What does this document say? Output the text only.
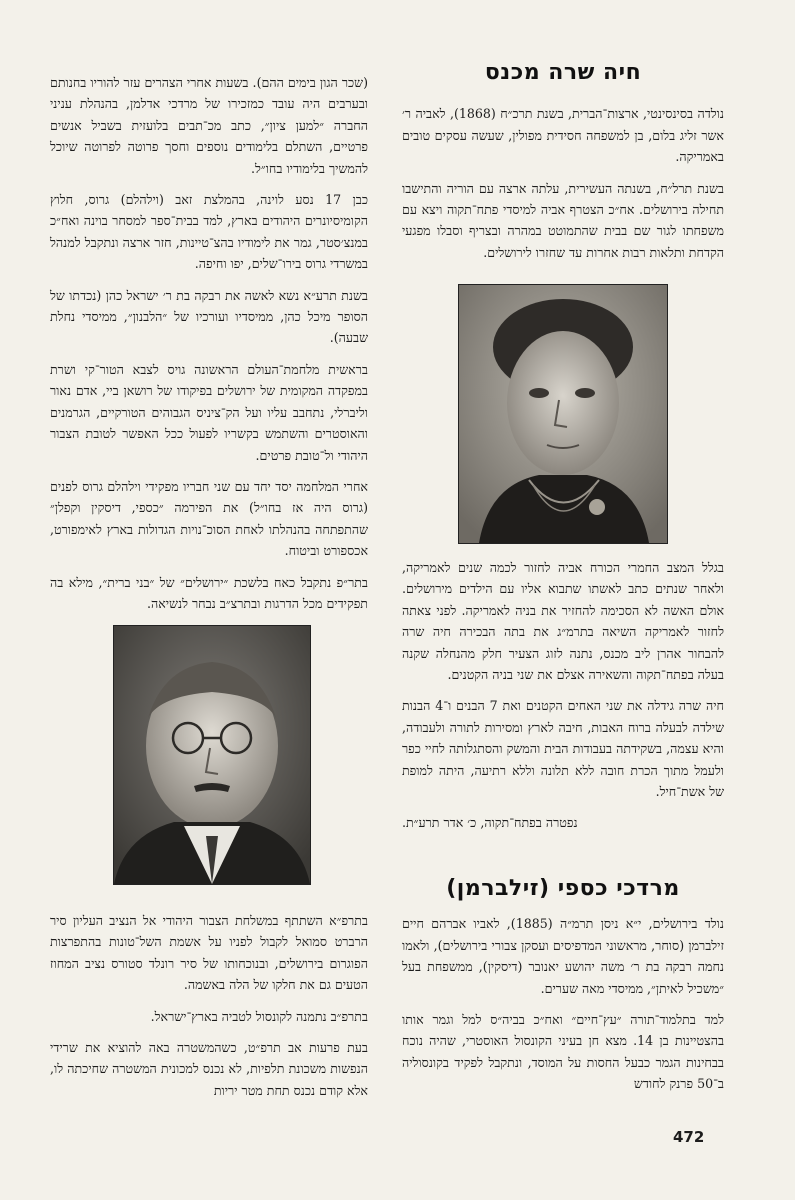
חיה שרה מכנס

נולדה בסינסינטי, ארצות־הברית, בשנת תרכ״ח (1868), לאביה ר׳ אשר זליג בלום, בן למשפחה חסידית מפולין, שעשה עסקים טובים באמריקה.

בשנת תרל״ח, בשנתה העשירית, עלתה ארצה עם הוריה והתישבו תחילה בירושלים. אח״כ הצטרף אביה למיסדי פתח־תקוה ויצא עם משפחתו לגור שם בבית שהתמוטט במהרה ובצריף וסבלו מפגעי הקדחת ותלאות רבות אחרות עד שחזרו לירושלים.

בגלל המצב החמרי הכורח אביה לחזור לכמה שנים לאמריקה, ולאחר שנתים כתב לאשתו שתבוא אליו עם הילדים מירושלים. אולם האשה לא הסכימה להחזיר את בניה לאמריקה. לפני צאתה לחזור לאמריקה השיאה בתרמ״ג את בתה הבכירה חיה שרה להבחור אהרן ליב מכנס, נתנה לזוג הצעיר חלק מהנחלה שקנה בעלה בפתח־תקוה והשאירה אצלם את שני בניה הקטנים.

חיה שרה גידלה את שני האחים הקטנים ואת 7 הבנים ו־4 הבנות שילדה לבעלה ברוח האבות, חיבה לארץ ומסירות לתורה ולעבודה, והיא עצמה, בשקידתה בעבודות הבית והמשק והסתגלותה לחיי כפר ולעמל מתוך הכרת חובה ללא תלונה וללא רתיעה, היתה למופת של אשת־חיל.

נפטרה בפתח־תקוה, כ׳ אדר תרע״ת.

מרדכי כספי (זילברמן)

נולד בירושלים, י״א ניסן תרמ״ה (1885), לאביו אברהם חיים זילברמן (סוחר, מראשוני המדפיסים ועסקן צבורי בירושלים), ולאמו נחמה רבקה בת ר׳ משה יהושע יאנובר (דיסקין), ממשפחת בעל ״משכיל לאיתן״, ממיסדי מאה שערים.

למד בתלמוד־תורה ״עץ־חיים״ ואח״כ בביה״ס למל וגמר אותו בהצטיינות בן 14. מצא חן בעיני הקונסול האוסטרי, שהיה נוכח בבחינות הגמר כבעל החסות על המוסד, ונתקבל לפקיד בקונסוליה ב־50 פרנק לחודש

(שכר הגון בימים ההם). בשעות אחרי הצהרים עזר להוריו בחנותם ובערבים היה עובד כמזכירו של מרדכי אדלמן, בהנהלת עניני החברה ״למען ציון״, כתב מכ־תבים בלועזית בשביל אנשים פרטיים, השתלם בלימודים נוספים וחסך פרוטה לפרוטה שיוכל להמשיך בלימודיו בחו״ל.

כבן 17 נסע לוינה, בהמלצת זאב (וילהלם) גרוס, חלוץ הקומיסיונרים היהודים בארץ, למד בבית־ספר למסחר בוינה ואח״כ במנצ׳סטר, גמר את לימודיו בהצ־טיינות, חזר ארצה ונתקבל למנהל במשרדי גרוס בירו־שלים, יפו וחיפה.

בשנת תרע״א נשא לאשה את רבקה בת ר׳ ישראל כהן (נכדתו של הסופר מיכל כהן, ממיסדיו ועורכיו של ״הלבנון״, ממיסדי נחלת שבעה).

בראשית מלחמת־העולם הראשונה גויס לצבא הטור־קי ושרת במפקדה המקומית של ירושלים בפיקודו של רושאן ביי, אדם נאור וליברלי, נתחבב עליו ועל הק־ציניס הגבוהים הטורקיים, הגרמנים והאוסטרים והשתמש בקשריו לפעול ככל האפשר לטובת הצבור היהודי ול־טובת פרטים.

אחרי המלחמה יסד יחד עם שני חבריו מפקידי וילהלם גרוס לפנים (גרוס היה אז בחו״ל) את הפירמה ״כספי, דיסקין וקפלן״ שהתפתחה בהנהלתו לאחת הסוכ־נויות הגדולות בארץ לאימפורט, אכספורט וביטוח.

בתר״פ נתקבל כאח בלשכת ״ירושלים״ של ״בני ברית״, מילא בה תפקידים מכל הדרגות ובתרצ״ב נבחר לנשיאה.

בתרפ״א השתתף במשלחת הצבור היהודי אל הנציב העליון סיר הרברט סמואל לקבול לפניו על אשמת השל־טונות בהתפרצות הפוגרום בירושלים, ובנוכחותו של סיר רונלד סטורס נציב המחוז הטעים גם את חלקו של הלה באשמה.

בתרפ״ב נתמנה לקונסול לטביה בארץ־ישראל.

בעת פרעות אב תרפ״ט, כשהמשטרה באה להוציא את שרידי הנפשות משכונת תלפיות, לא נכנס למכונית המשטרה שחיכתה לו, אלא קודם נכנס תחת מטר יריות

472
